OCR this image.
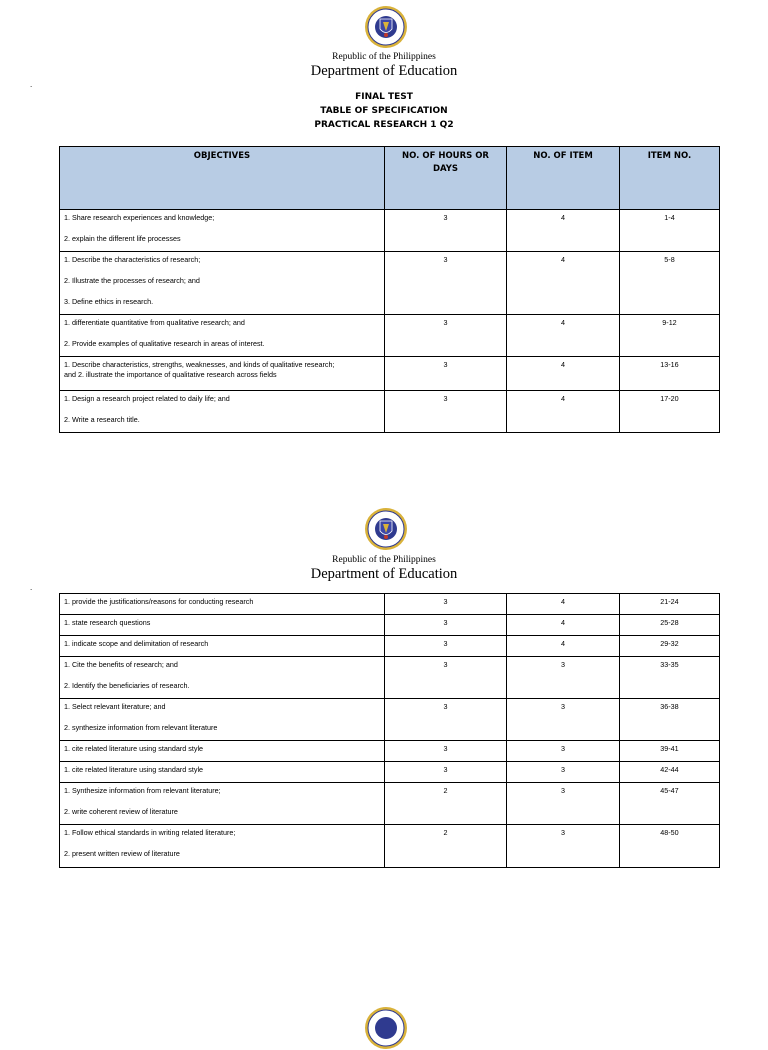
Republic of the Philippines
Department of Education
.
FINAL TEST
TABLE OF SPECIFICATION
PRACTICAL RESEARCH 1 Q2
OBJECTIVES	NO. OF HOURS OR DAYS	NO. OF ITEM	ITEM NO.

1. Share research experiences and knowledge;
2. explain the different life processes	3	4	1-4

1. Describe the characteristics of research;
2. Illustrate the processes of research; and
3. Define ethics in research.	3	4	5-8

1. differentiate quantitative from qualitative research; and
2. Provide examples of qualitative research in areas of interest.	3	4	9-12

1. Describe characteristics, strengths, weaknesses, and kinds of qualitative research;
and 2. illustrate the importance of qualitative research across fields	3	4	13-16

1. Design a research project related to daily life; and
2. Write a research title.	3	4	17-20
Republic of the Philippines
Department of Education
.
1. provide the justifications/reasons for conducting research	3	4	21-24

1. state research questions	3	4	25-28

1. indicate scope and delimitation of research	3	4	29-32

1. Cite the benefits of research; and
2. Identify the beneficiaries of research.	3	3	33-35

1. Select relevant literature; and
2. synthesize information from relevant literature	3	3	36-38

1. cite related literature using standard style	3	3	39-41

1. cite related literature using standard style	3	3	42-44

1. Synthesize information from relevant literature;
2. write coherent review of literature	2	3	45-47

1. Follow ethical standards in writing related literature;
2. present written review of literature	2	3	48-50
